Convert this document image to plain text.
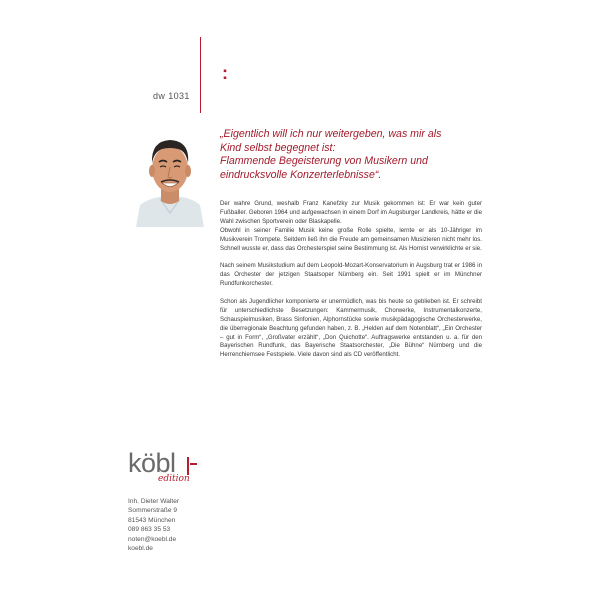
:
dw 1031

„Eigentlich will ich nur weitergeben, was mir als

Kind selbst begegnet ist:

Flammende Begeisterung von Musikern und

eindrucksvolle Konzerterlebnisse“.

Der wahre Grund, weshalb Franz Kanefzky zur Musik gekommen ist: Er war kein guter Fußballer. Geboren 1964 und aufgewachsen in einem Dorf im Augsburger Landkreis, hätte er die Wahl zwischen Sportverein oder Blaskapelle.

Obwohl in seiner Familie Musik keine große Rolle spielte, lernte er als 10-Jähriger im Musikverein Trompete. Seitdem ließ ihn die Freude am gemeinsamen Musizieren nicht mehr los. Schnell wusste er, dass das Orchesterspiel seine Bestimmung ist. Als Hornist verwirklichte er sie.

Nach seinem Musikstudium auf dem Leopold-Mozart-Konservatorium in Augsburg trat er 1986 in das Orchester der jetzigen Staatsoper Nürnberg ein. Seit 1991 spielt er im Münchner Rundfunkorchester.

Schon als Jugendlicher komponierte er unermüdlich, was bis heute so geblieben ist. Er schreibt für unterschiedlichste Besetzungen: Kammermusik, Chorwerke, Instrumentalkonzerte, Schauspielmusiken, Brass Sinfonien, Alphornstücke sowie musikpädagogische Orchesterwerke, die überregionale Beachtung gefunden haben, z. B. „Helden auf dem Notenblatt“, „Ein Orchester – gut in Form“, „Großvater erzählt“, „Don Quichotte“. Auftragswerke entstanden u. a. für den Bayerischen Rundfunk, das Bayerische Staatsorchester, „Die Bühne“ Nürnberg und die Herrenchiemsee Festspiele. Viele davon sind als CD veröffentlicht.

köbl
edition
Inh. Dieter Walter
Sommerstraße 9
81543 München
089 863 35 53
noten@koebl.de
koebl.de
